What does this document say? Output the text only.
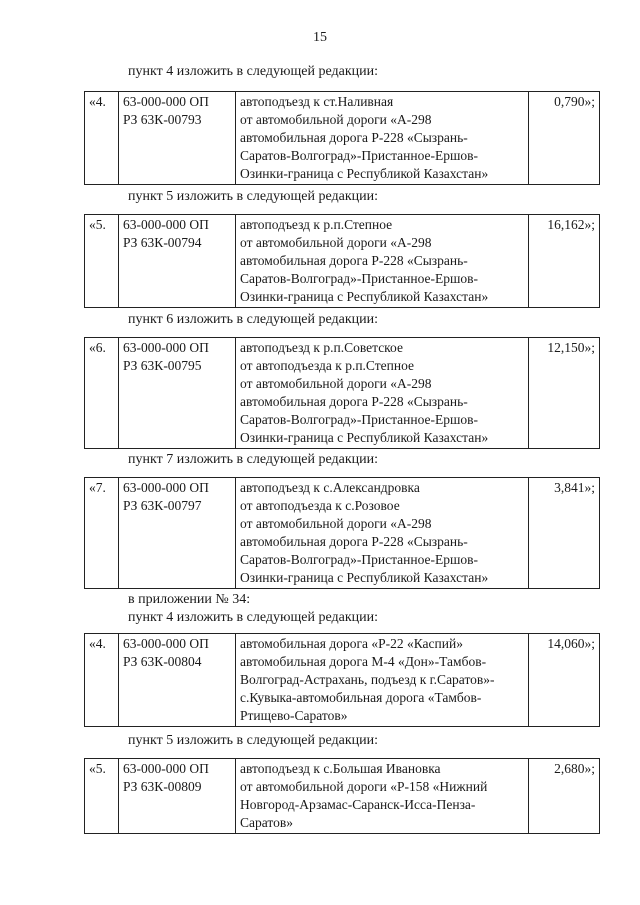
15
пункт 4 изложить в следующей редакции:
«4.	63-000-000 ОП
РЗ 63К-00793

автоподъезд к ст.Наливная
от автомобильной дороги «А-298
автомобильная дорога Р-228 «Сызрань-
Саратов-Волгоград»-Пристанное-Ершов-
Озинки-граница с Республикой Казахстан»
	0,790»;
пункт 5 изложить в следующей редакции:
«5.	63-000-000 ОП
РЗ 63К-00794

автоподъезд к р.п.Степное
от автомобильной дороги «А-298
автомобильная дорога Р-228 «Сызрань-
Саратов-Волгоград»-Пристанное-Ершов-
Озинки-граница с Республикой Казахстан»
	16,162»;
пункт 6 изложить в следующей редакции:
«6.	63-000-000 ОП
РЗ 63К-00795

автоподъезд к р.п.Советское
от автоподъезда к р.п.Степное
от автомобильной дороги «А-298
автомобильная дорога Р-228 «Сызрань-
Саратов-Волгоград»-Пристанное-Ершов-
Озинки-граница с Республикой Казахстан»
	12,150»;
пункт 7 изложить в следующей редакции:
«7.	63-000-000 ОП
РЗ 63К-00797

автоподъезд к с.Александровка
от автоподъезда к с.Розовое
от автомобильной дороги «А-298
автомобильная дорога Р-228 «Сызрань-
Саратов-Волгоград»-Пристанное-Ершов-
Озинки-граница с Республикой Казахстан»
	3,841»;
в приложении № 34:
пункт 4 изложить в следующей редакции:
«4.	63-000-000 ОП
РЗ 63К-00804

автомобильная дорога «Р-22 «Каспий»
автомобильная дорога М-4 «Дон»-Тамбов-
Волгоград-Астрахань, подъезд к г.Саратов»-
с.Кувыка-автомобильная дорога «Тамбов-
Ртищево-Саратов»
	14,060»;
пункт 5 изложить в следующей редакции:
«5.	63-000-000 ОП
РЗ 63К-00809

автоподъезд к с.Большая Ивановка
от автомобильной дороги «Р-158 «Нижний
Новгород-Арзамас-Саранск-Исса-Пенза-
Саратов»
	2,680»;
